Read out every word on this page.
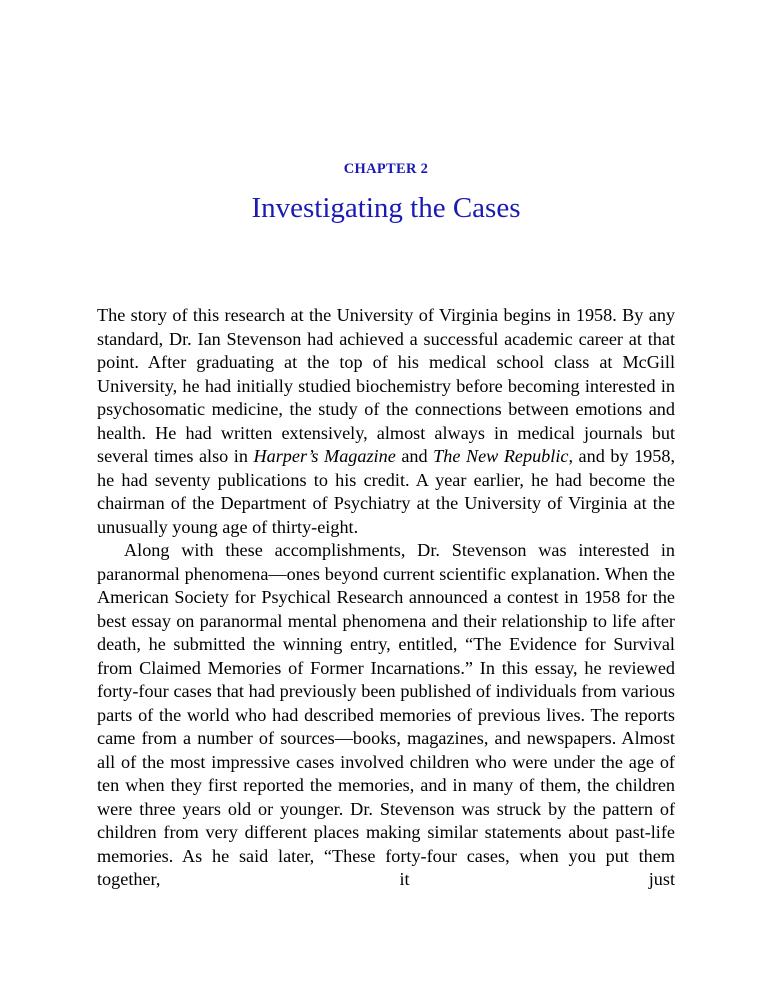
CHAPTER 2
Investigating the Cases

The story of this research at the University of Virginia begins in 1958. By any standard, Dr. Ian Stevenson had achieved a successful academic career at that point. After graduating at the top of his medical school class at McGill University, he had initially studied biochemistry before becoming interested in psychosomatic medicine, the study of the connections between emotions and health. He had written extensively, almost always in medical journals but several times also in Harper’s Magazine and The New Republic, and by 1958, he had seventy publications to his credit. A year earlier, he had become the chairman of the Department of Psychiatry at the University of Virginia at the unusually young age of thirty-eight.

Along with these accomplishments, Dr. Stevenson was interested in paranormal phenomena—ones beyond current scientific explanation. When the American Society for Psychical Research announced a contest in 1958 for the best essay on paranormal mental phenomena and their relationship to life after death, he submitted the winning entry, entitled, “The Evidence for Survival from Claimed Memories of Former Incarnations.” In this essay, he reviewed forty-four cases that had previously been published of individuals from various parts of the world who had described memories of previous lives. The reports came from a number of sources—books, magazines, and newspapers. Almost all of the most impressive cases involved children who were under the age of ten when they first reported the memories, and in many of them, the children were three years old or younger. Dr. Stevenson was struck by the pattern of children from very different places making similar statements about past-life memories. As he said later, “These forty-four cases, when you put them together, it just
